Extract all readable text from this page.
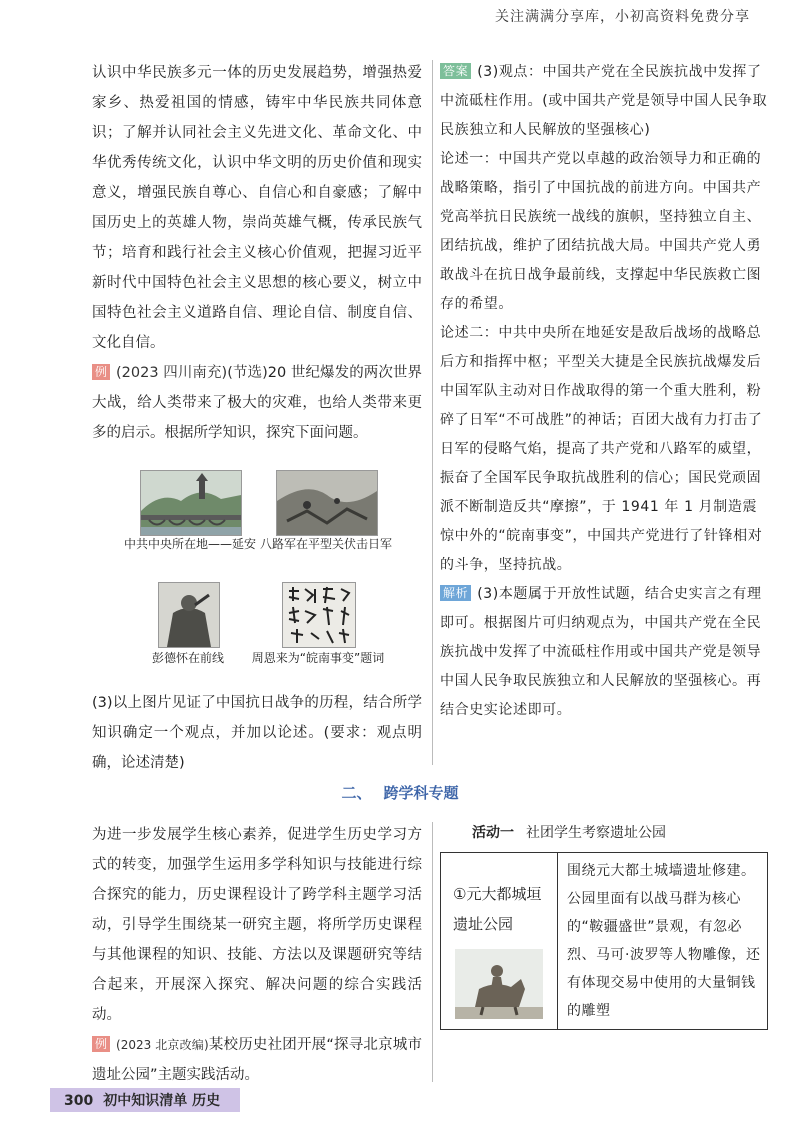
关注满满分享库，小初高资料免费分享

认识中华民族多元一体的历史发展趋势，增强热爱家乡、热爱祖国的情感，铸牢中华民族共同体意识；了解并认同社会主义先进文化、革命文化、中华优秀传统文化，认识中华文明的历史价值和现实意义，增强民族自尊心、自信心和自豪感；了解中国历史上的英雄人物，崇尚英雄气概，传承民族气节；培育和践行社会主义核心价值观，把握习近平新时代中国特色社会主义思想的核心要义，树立中国特色社会主义道路自信、理论自信、制度自信、文化自信。

例 (2023 四川南充)(节选)20 世纪爆发的两次世界大战，给人类带来了极大的灾难，也给人类带来更多的启示。根据所学知识，探究下面问题。

中共中央所在地——延安 八路军在平型关伏击日军
彭德怀在前线	周恩来为“皖南事变”题词

(3)以上图片见证了中国抗日战争的历程，结合所学知识确定一个观点，并加以论述。(要求：观点明确，论述清楚)

答案 (3)观点：中国共产党在全民族抗战中发挥了中流砥柱作用。(或中国共产党是领导中国人民争取民族独立和人民解放的坚强核心)

论述一：中国共产党以卓越的政治领导力和正确的战略策略，指引了中国抗战的前进方向。中国共产党高举抗日民族统一战线的旗帜，坚持独立自主、团结抗战，维护了团结抗战大局。中国共产党人勇敢战斗在抗日战争最前线，支撑起中华民族救亡图存的希望。

论述二：中共中央所在地延安是敌后战场的战略总后方和指挥中枢；平型关大捷是全民族抗战爆发后中国军队主动对日作战取得的第一个重大胜利，粉碎了日军“不可战胜”的神话；百团大战有力打击了日军的侵略气焰，提高了共产党和八路军的威望，振奋了全国军民争取抗战胜利的信心；国民党顽固派不断制造反共“摩擦”，于 1941 年 1 月制造震惊中外的“皖南事变”，中国共产党进行了针锋相对的斗争，坚持抗战。

解析 (3)本题属于开放性试题，结合史实言之有理即可。根据图片可归纳观点为，中国共产党在全民族抗战中发挥了中流砥柱作用或中国共产党是领导中国人民争取民族独立和人民解放的坚强核心。再结合史实论述即可。

二、 跨学科专题

为进一步发展学生核心素养，促进学生历史学习方式的转变，加强学生运用多学科知识与技能进行综合探究的能力，历史课程设计了跨学科主题学习活动，引导学生围绕某一研究主题，将所学历史课程与其他课程的知识、技能、方法以及课题研究等结合起来，开展深入探究、解决问题的综合实践活动。

例 (2023 北京改编)某校历史社团开展“探寻北京城市遗址公园”主题实践活动。

活动一 社团学生考察遗址公园
①元大都城垣遗址公园
围绕元大都土城墙遗址修建。公园里面有以战马群为核心的“鞍疆盛世”景观，有忽必烈、马可·波罗等人物雕像，还有体现交易中使用的大量铜钱的雕塑
300 初中知识清单 历史
